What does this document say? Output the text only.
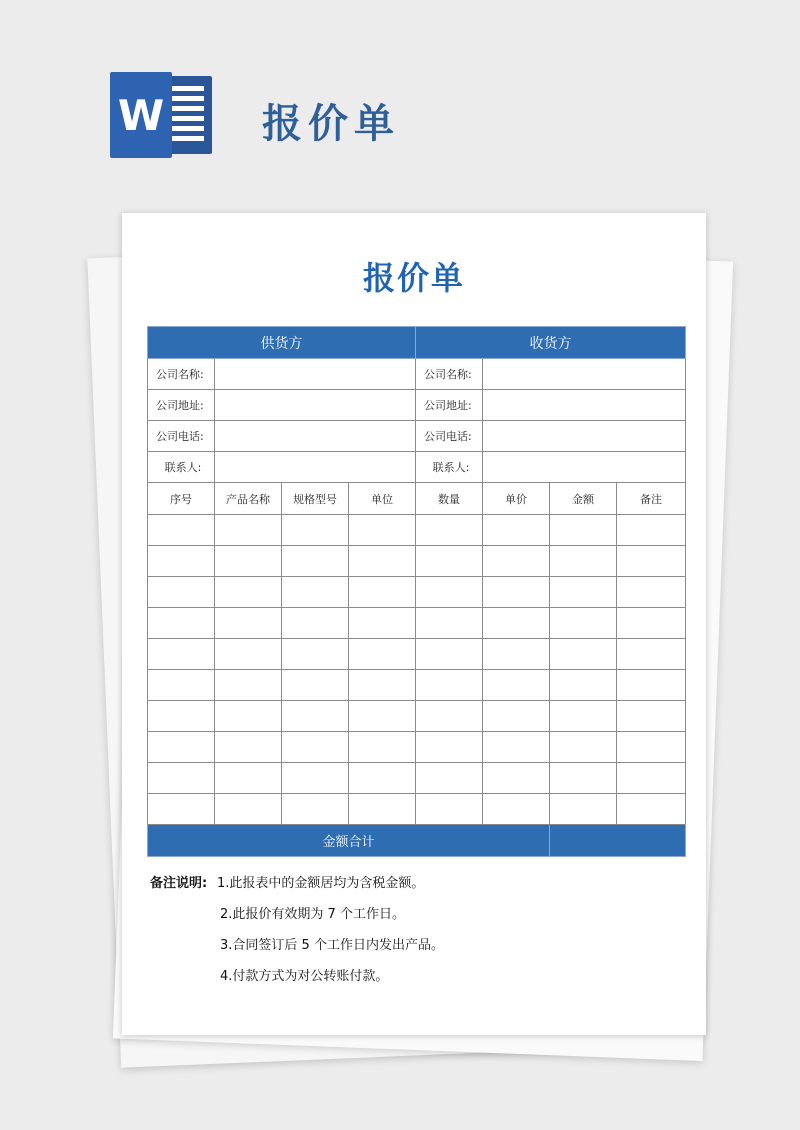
W 报价单
报价单
供货方				收货方			
公司名称:				公司名称:			
公司地址:				公司地址:			
公司电话:				公司电话:			
联系人:				联系人:			
序号	产品名称	规格型号	单位	数量	单价	金额	备注

金额合计							
备注说明: 1.此报表中的金额居均为含税金额。
2.此报价有效期为 7 个工作日。
3.合同签订后 5 个工作日内发出产品。
4.付款方式为对公转账付款。
